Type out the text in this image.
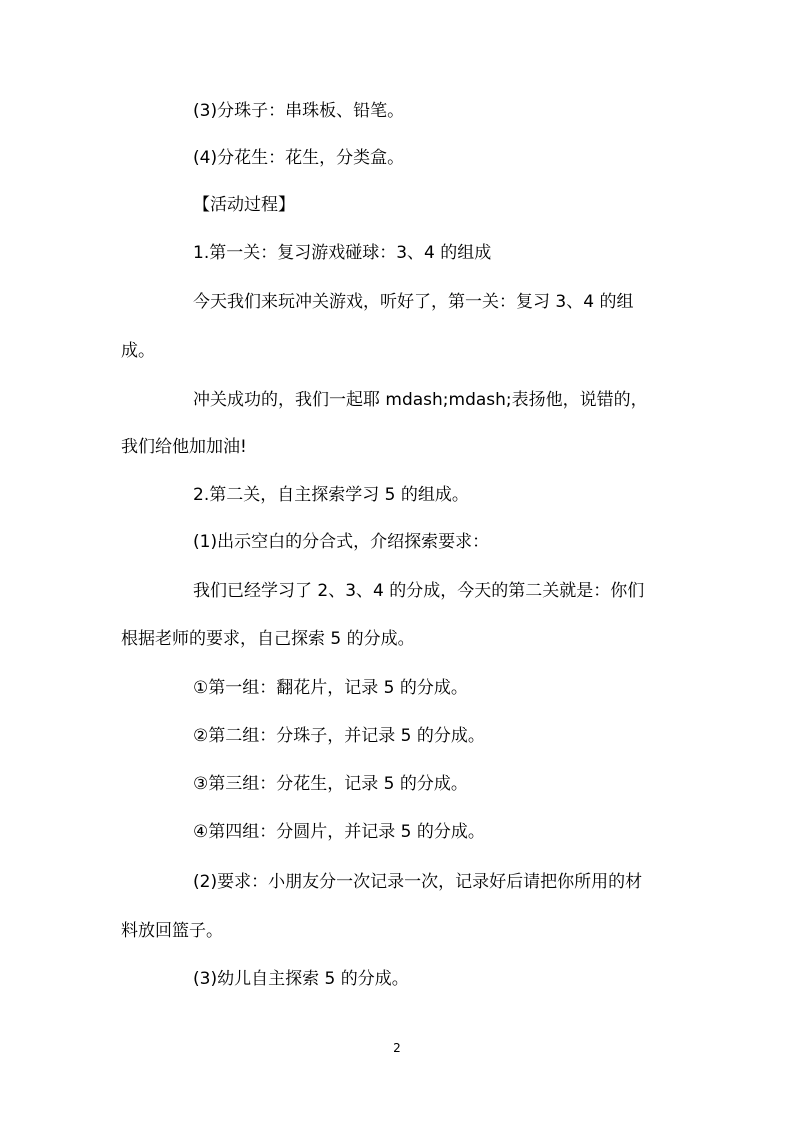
(3)分珠子：串珠板、铅笔。

(4)分花生：花生，分类盒。

【活动过程】

1.第一关：复习游戏碰球：3、4 的组成

今天我们来玩冲关游戏，听好了，第一关：复习 3、4 的组

成。

冲关成功的，我们一起耶 mdash;mdash;表扬他，说错的，

我们给他加加油!

2.第二关，自主探索学习 5 的组成。

(1)出示空白的分合式，介绍探索要求：

我们已经学习了 2、3、4 的分成，今天的第二关就是：你们

根据老师的要求，自己探索 5 的分成。

①第一组：翻花片，记录 5 的分成。

②第二组：分珠子，并记录 5 的分成。

③第三组：分花生，记录 5 的分成。

④第四组：分圆片，并记录 5 的分成。

(2)要求：小朋友分一次记录一次，记录好后请把你所用的材

料放回篮子。

(3)幼儿自主探索 5 的分成。

2
